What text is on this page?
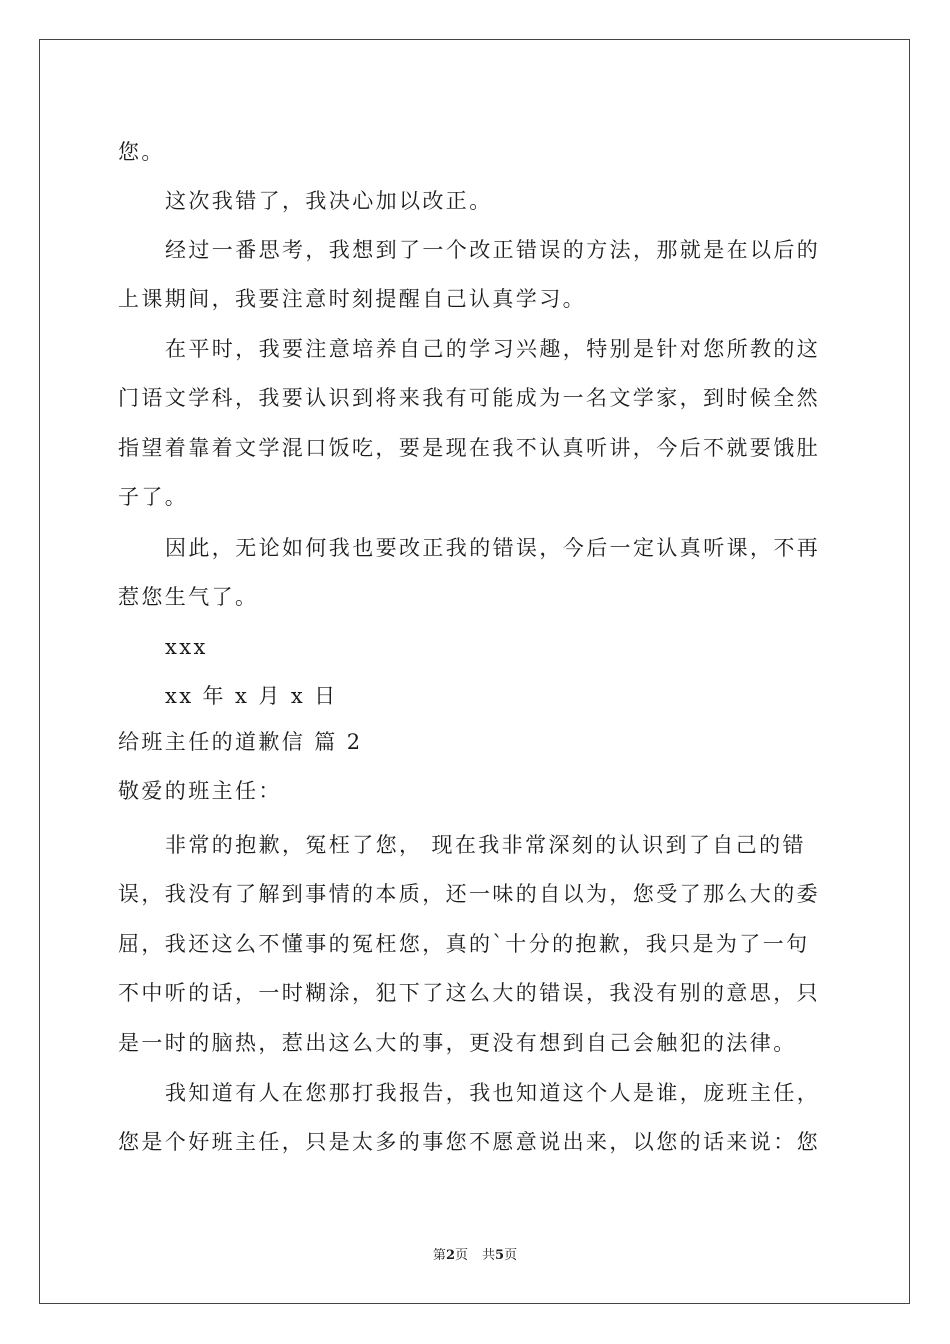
您。
这次我错了，我决心加以改正。
经过一番思考，我想到了一个改正错误的方法，那就是在以后的
上课期间，我要注意时刻提醒自己认真学习。
在平时，我要注意培养自己的学习兴趣，特别是针对您所教的这
门语文学科，我要认识到将来我有可能成为一名文学家，到时候全然
指望着靠着文学混口饭吃，要是现在我不认真听讲，今后不就要饿肚
子了。
因此，无论如何我也要改正我的错误，今后一定认真听课，不再
惹您生气了。
xxx
xx 年 x 月 x 日
给班主任的道歉信 篇 2
敬爱的班主任：
非常的抱歉，冤枉了您， 现在我非常深刻的认识到了自己的错
误，我没有了解到事情的本质，还一味的自以为，您受了那么大的委
屈，我还这么不懂事的冤枉您，真的`十分的抱歉，我只是为了一句
不中听的话，一时糊涂，犯下了这么大的错误，我没有别的意思，只
是一时的脑热，惹出这么大的事，更没有想到自己会触犯的法律。
我知道有人在您那打我报告，我也知道这个人是谁，庞班主任，
您是个好班主任，只是太多的事您不愿意说出来，以您的话来说：您
第2页 共5页
